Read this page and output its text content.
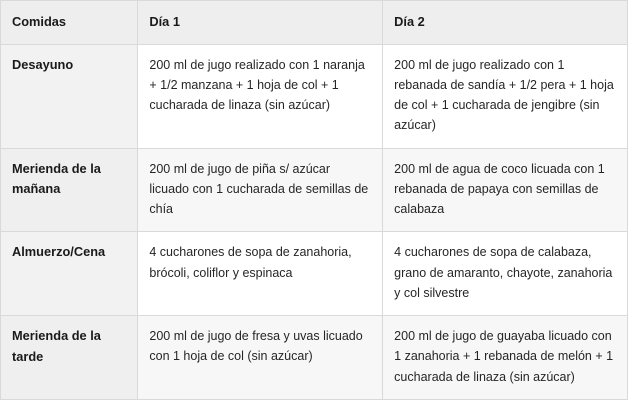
Comidas	Día 1	Día 2
Desayuno	200 ml de jugo realizado con 1 naranja + 1/2 manzana + 1 hoja de col + 1 cucharada de linaza (sin azúcar)	200 ml de jugo realizado con 1 rebanada de sandía + 1/2 pera + 1 hoja de col + 1 cucharada de jengibre (sin azúcar)
Merienda de la mañana	200 ml de jugo de piña s/ azúcar licuado con 1 cucharada de semillas de chía	200 ml de agua de coco licuada con 1 rebanada de papaya con semillas de calabaza
Almuerzo/Cena	4 cucharones de sopa de zanahoria, brócoli, coliflor y espinaca	4 cucharones de sopa de calabaza, grano de amaranto, chayote, zanahoria y col silvestre
Merienda de la tarde	200 ml de jugo de fresa y uvas licuado con 1 hoja de col (sin azúcar)	200 ml de jugo de guayaba licuado con 1 zanahoria + 1 rebanada de melón + 1 cucharada de linaza (sin azúcar)
